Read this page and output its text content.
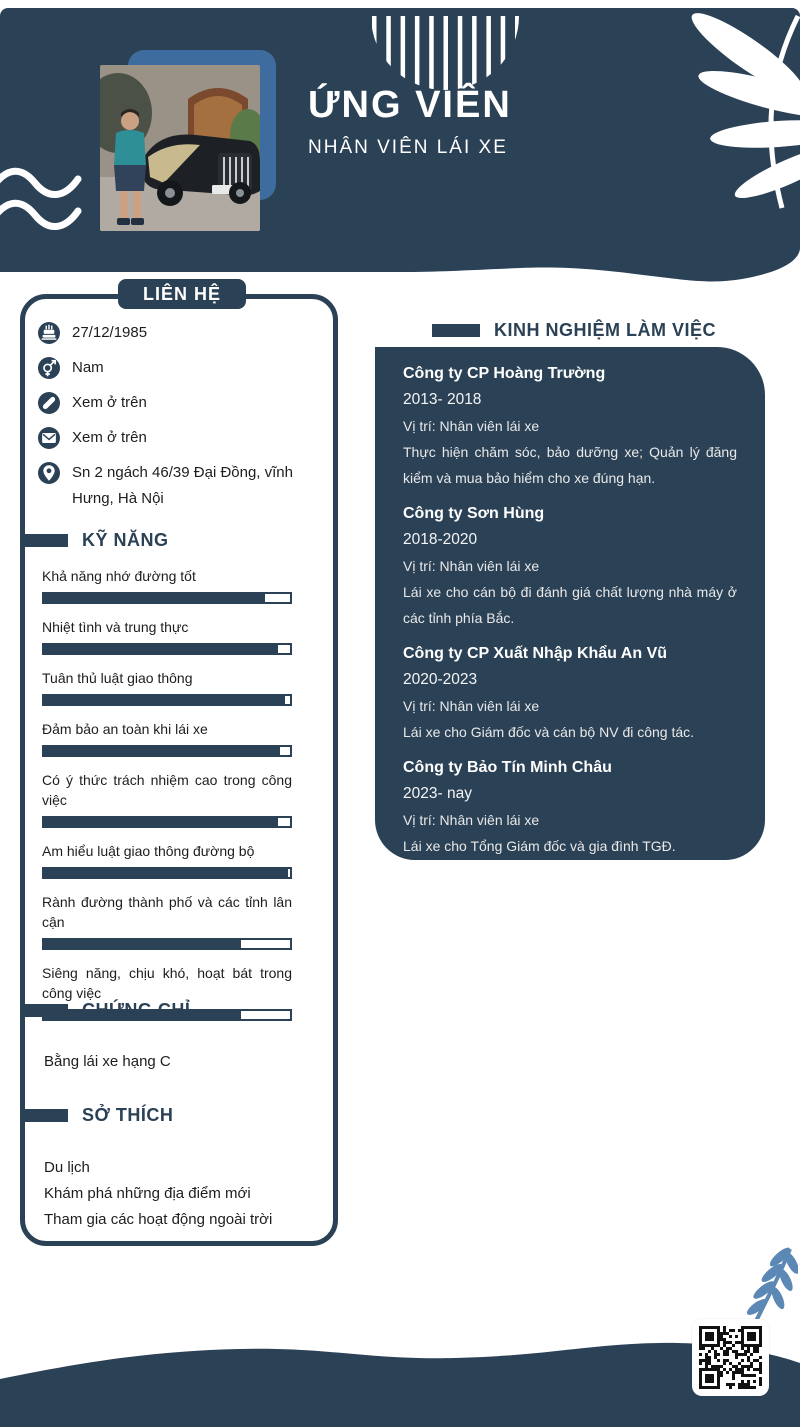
ỨNG VIÊN
NHÂN VIÊN LÁI XE
LIÊN HỆ
27/12/1985
Nam
Xem ở trên
Xem ở trên
Sn 2 ngách 46/39 Đại Đồng, vĩnh Hưng, Hà Nội
KỸ NĂNG
Khả năng nhớ đường tốt
Nhiệt tình và trung thực
Tuân thủ luật giao thông
Đảm bảo an toàn khi lái xe
Có ý thức trách nhiệm cao trong công việc
Am hiểu luật giao thông đường bộ
Rành đường thành phố và các tỉnh lân cận
Siêng năng, chịu khó, hoạt bát trong công việc
CHỨNG CHỈ
Bằng lái xe hạng C
SỞ THÍCH
Du lịch
Khám phá những địa điểm mới
Tham gia các hoạt động ngoài trời
KINH NGHIỆM LÀM VIỆC
Công ty CP Hoàng Trường
2013- 2018
Vị trí: Nhân viên lái xe
Thực hiện chăm sóc, bảo dưỡng xe; Quản lý đăng kiểm và mua bảo hiểm cho xe đúng hạn.
Công ty Sơn Hùng
2018-2020
Vị trí: Nhân viên lái xe
Lái xe cho cán bộ đi đánh giá chất lượng nhà máy ở các tỉnh phía Bắc.
Công ty CP Xuất Nhập Khẩu An Vũ
2020-2023
Vị trí: Nhân viên lái xe
Lái xe cho Giám đốc và cán bộ NV đi công tác.
Công ty Bảo Tín Minh Châu
2023- nay
Vị trí: Nhân viên lái xe
Lái xe cho Tổng Giám đốc và gia đình TGĐ.
